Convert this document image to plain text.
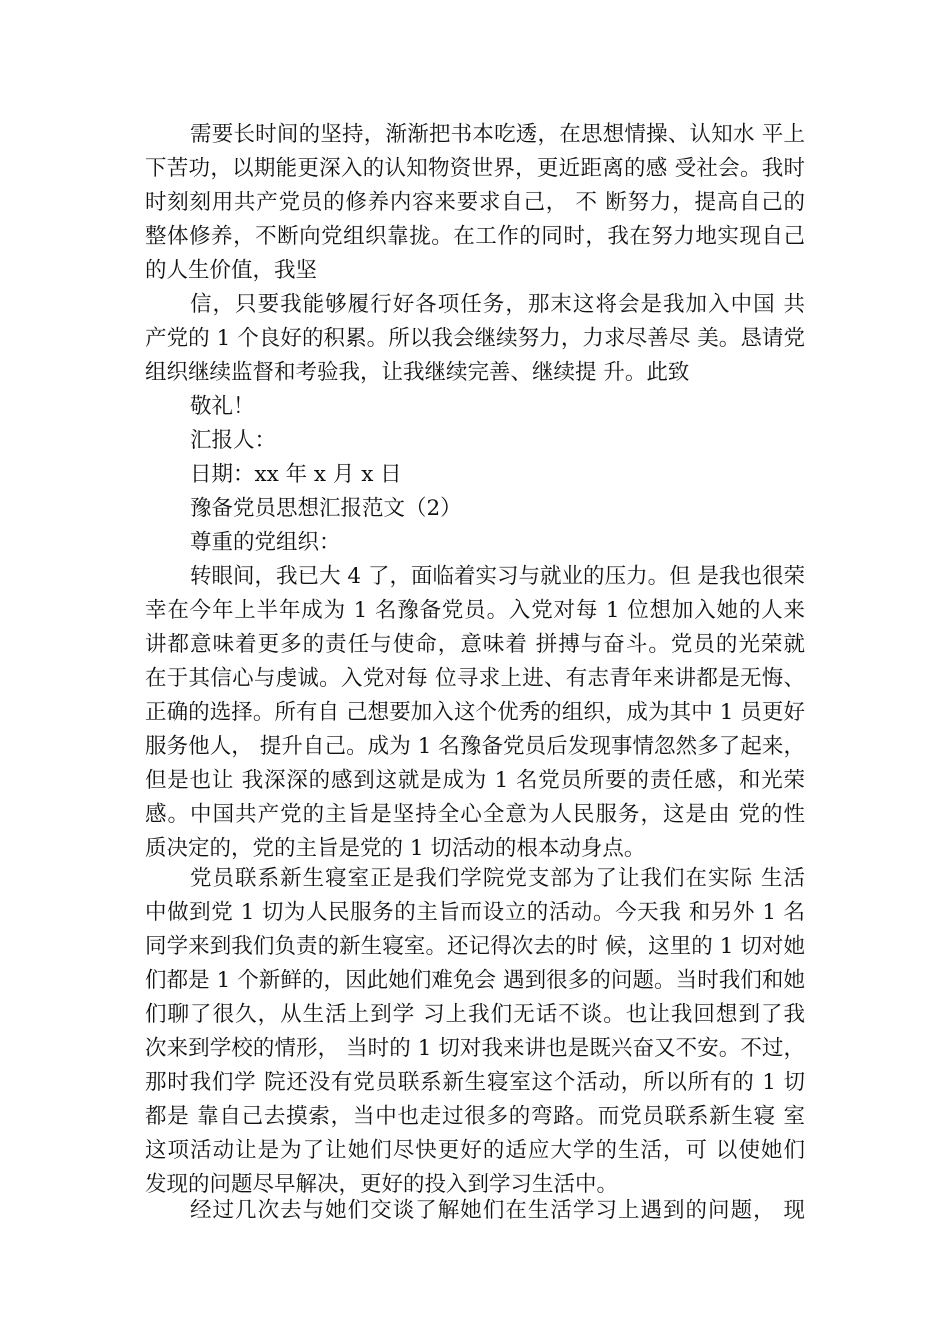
需要长时间的坚持，渐渐把书本吃透，在思想情操、认知水 平上
下苦功，以期能更深入的认知物资世界，更近距离的感 受社会。我时
时刻刻用共产党员的修养内容来要求自己， 不 断努力，提高自己的
整体修养，不断向党组织靠拢。在工作的同时，我在努力地实现自己
的人生价值，我坚
信，只要我能够履行好各项任务，那末这将会是我加入中国 共
产党的 1 个良好的积累。所以我会继续努力，力求尽善尽 美。恳请党
组织继续监督和考验我，让我继续完善、继续提 升。此致
敬礼！
汇报人：
日期：xx 年 x 月 x 日
豫备党员思想汇报范文（2）
尊重的党组织：
转眼间，我已大 4 了，面临着实习与就业的压力。但 是我也很荣
幸在今年上半年成为 1 名豫备党员。入党对每 1 位想加入她的人来
讲都意味着更多的责任与使命，意味着 拼搏与奋斗。党员的光荣就
在于其信心与虔诚。入党对每 位寻求上进、有志青年来讲都是无悔、
正确的选择。所有自 己想要加入这个优秀的组织，成为其中 1 员更好
服务他人， 提升自己。成为 1 名豫备党员后发现事情忽然多了起来，
但是也让 我深深的感到这就是成为 1 名党员所要的责任感，和光荣
感。中国共产党的主旨是坚持全心全意为人民服务，这是由 党的性
质决定的，党的主旨是党的 1 切活动的根本动身点。
党员联系新生寝室正是我们学院党支部为了让我们在实际 生活
中做到党 1 切为人民服务的主旨而设立的活动。今天我 和另外 1 名
同学来到我们负责的新生寝室。还记得次去的时 候，这里的 1 切对她
们都是 1 个新鲜的，因此她们难免会 遇到很多的问题。当时我们和她
们聊了很久，从生活上到学 习上我们无话不谈。也让我回想到了我
次来到学校的情形， 当时的 1 切对我来讲也是既兴奋又不安。不过，
那时我们学 院还没有党员联系新生寝室这个活动，所以所有的 1 切
都是 靠自己去摸索，当中也走过很多的弯路。而党员联系新生寝 室
这项活动让是为了让她们尽快更好的适应大学的生活，可 以使她们
发现的问题尽早解决，更好的投入到学习生活中。
经过几次去与她们交谈了解她们在生活学习上遇到的问题， 现
